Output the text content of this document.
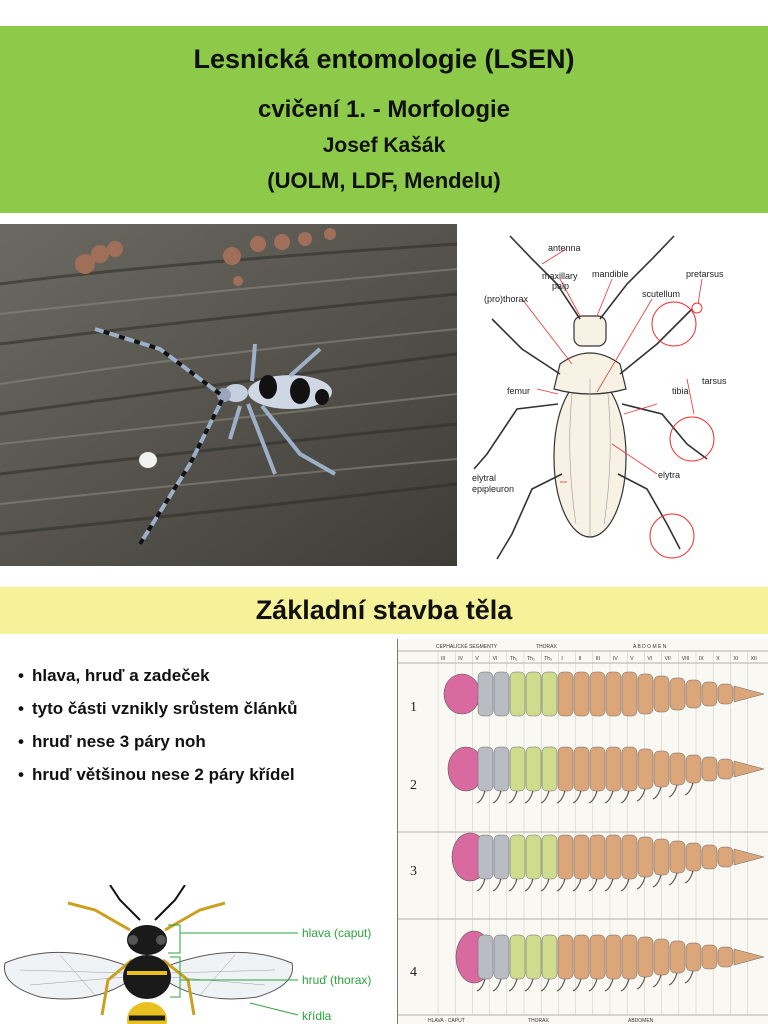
Lesnická entomologie (LSEN)
cvičení 1. - Morfologie
Josef Kašák
(UOLM, LDF, Mendelu)
antenna
maxillary
palp
mandible	pretarsus
(pro)thorax	scutellum
femur	tibia
tarsus
elytral
epipleuron
elytra
Základní stavba těla
• hlava, hruď a zadeček
• tyto části vznikly srůstem článků
• hruď nese 3 páry noh
• hruď většinou nese 2 páry křídel
CEPHALICKÉ SEGMENTY	THORAX	A B D O M E N
III	IV V	VI Th₁ Th₂ Th₃ I	II	III	IV V	VI VII VIII IX X	XI XII
1
2
3
4
HLAVA · CAPUT	THORAX	ABDOMEN
hlava (caput)
hruď (thorax)
křídla
